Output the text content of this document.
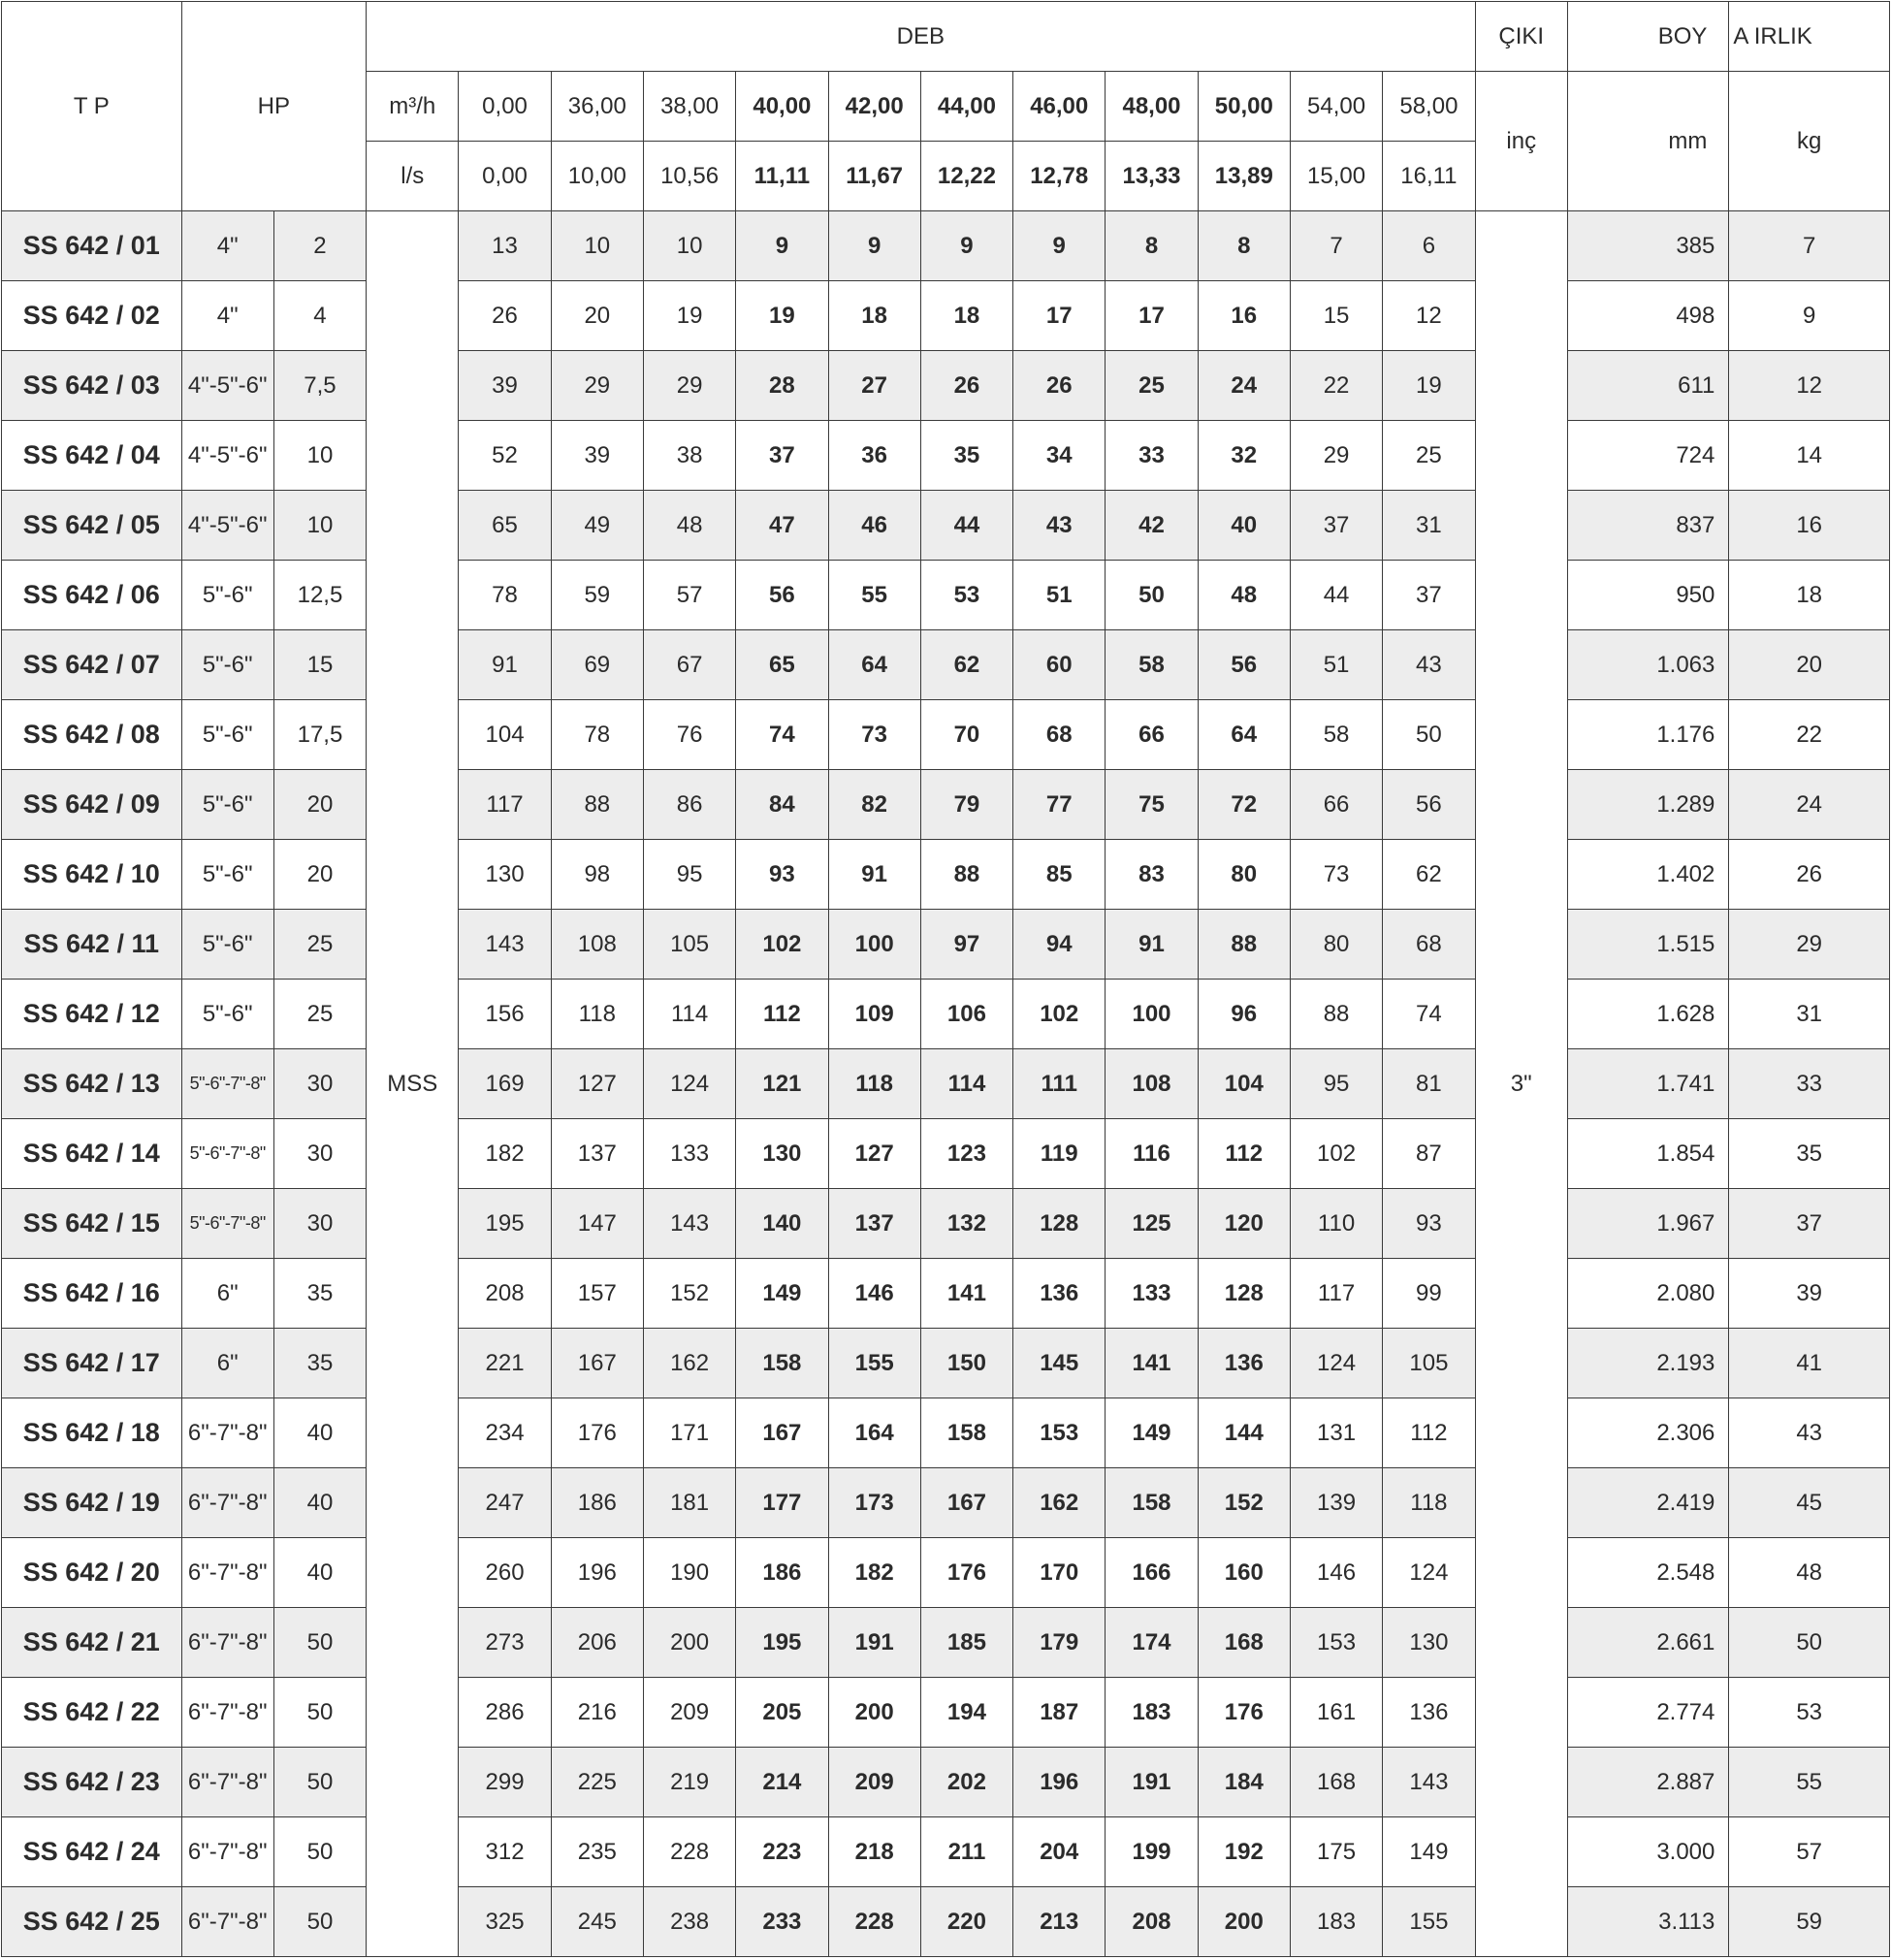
T P	HP		DEB												ÇIKI	BOY	A IRLIK
			m³/h	0,00	36,00	38,00	40,00	42,00	44,00	46,00	48,00	50,00	54,00	58,00	inç	mm	kg
			l/s	0,00	10,00	10,56	11,11	11,67	12,22	12,78	13,33	13,89	15,00	16,11			
SS 642 / 01	4"	2	MSS	13	10	10	9	9	9	9	8	8	7	6	3"	385	7
SS 642 / 02	4"	4		26	20	19	19	18	18	17	17	16	15	12		498	9
SS 642 / 03	4"-5"-6"	7,5		39	29	29	28	27	26	26	25	24	22	19		611	12
SS 642 / 04	4"-5"-6"	10		52	39	38	37	36	35	34	33	32	29	25		724	14
SS 642 / 05	4"-5"-6"	10		65	49	48	47	46	44	43	42	40	37	31		837	16
SS 642 / 06	5"-6"	12,5		78	59	57	56	55	53	51	50	48	44	37		950	18
SS 642 / 07	5"-6"	15		91	69	67	65	64	62	60	58	56	51	43		1.063	20
SS 642 / 08	5"-6"	17,5		104	78	76	74	73	70	68	66	64	58	50		1.176	22
SS 642 / 09	5"-6"	20		117	88	86	84	82	79	77	75	72	66	56		1.289	24
SS 642 / 10	5"-6"	20		130	98	95	93	91	88	85	83	80	73	62		1.402	26
SS 642 / 11	5"-6"	25		143	108	105	102	100	97	94	91	88	80	68		1.515	29
SS 642 / 12	5"-6"	25		156	118	114	112	109	106	102	100	96	88	74		1.628	31
SS 642 / 13	5"-6"-7"-8"	30		169	127	124	121	118	114	111	108	104	95	81		1.741	33
SS 642 / 14	5"-6"-7"-8"	30		182	137	133	130	127	123	119	116	112	102	87		1.854	35
SS 642 / 15	5"-6"-7"-8"	30		195	147	143	140	137	132	128	125	120	110	93		1.967	37
SS 642 / 16	6"	35		208	157	152	149	146	141	136	133	128	117	99		2.080	39
SS 642 / 17	6"	35		221	167	162	158	155	150	145	141	136	124	105		2.193	41
SS 642 / 18	6"-7"-8"	40		234	176	171	167	164	158	153	149	144	131	112		2.306	43
SS 642 / 19	6"-7"-8"	40		247	186	181	177	173	167	162	158	152	139	118		2.419	45
SS 642 / 20	6"-7"-8"	40		260	196	190	186	182	176	170	166	160	146	124		2.548	48
SS 642 / 21	6"-7"-8"	50		273	206	200	195	191	185	179	174	168	153	130		2.661	50
SS 642 / 22	6"-7"-8"	50		286	216	209	205	200	194	187	183	176	161	136		2.774	53
SS 642 / 23	6"-7"-8"	50		299	225	219	214	209	202	196	191	184	168	143		2.887	55
SS 642 / 24	6"-7"-8"	50		312	235	228	223	218	211	204	199	192	175	149		3.000	57
SS 642 / 25	6"-7"-8"	50		325	245	238	233	228	220	213	208	200	183	155		3.113	59
